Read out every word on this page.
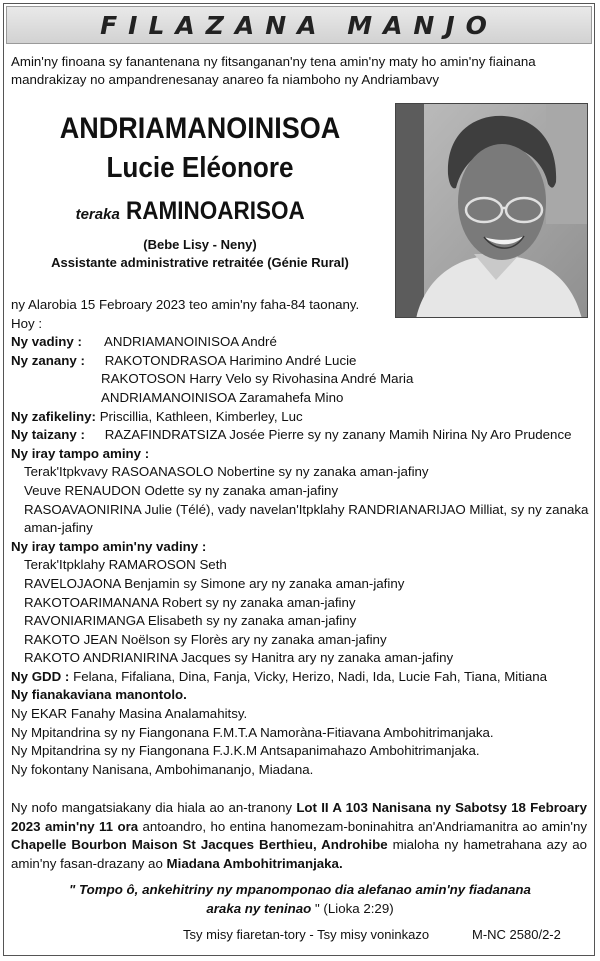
FILAZANA MANJO
Amin'ny finoana sy fanantenana ny fitsanganan'ny tena amin'ny maty ho amin'ny fiainana mandrakizay no ampandrenesanay anareo fa niamboho ny Andriambavy
ANDRIAMANOINISOA
Lucie Eléonore
teraka RAMINOARISOA
(Bebe Lisy - Neny)
Assistante administrative retraitée (Génie Rural)
ny Alarobia 15 Febroary 2023 teo amin'ny faha-84 taonany.
Hoy :
Ny vadiny : ANDRIAMANOINISOA André
Ny zanany : RAKOTONDRASOA Harimino André Lucie
RAKOTOSON Harry Velo sy Rivohasina André Maria
ANDRIAMANOINISOA Zaramahefa Mino
Ny zafikeliny: Priscillia, Kathleen, Kimberley, Luc
Ny taizany : RAZAFINDRATSIZA Josée Pierre sy ny zanany Mamih Nirina Ny Aro Prudence
Ny iray tampo aminy :
Terak'Itpkvavy RASOANASOLO Nobertine sy ny zanaka aman-jafiny
Veuve RENAUDON Odette sy ny zanaka aman-jafiny
RASOAVAONIRINA Julie (Télé), vady navelan'Itpklahy RANDRIANARIJAO Milliat, sy ny zanaka aman-jafiny
Ny iray tampo amin'ny vadiny :
Terak'Itpklahy RAMAROSON Seth
RAVELOJAONA Benjamin sy Simone ary ny zanaka aman-jafiny
RAKOTOARIMANANA Robert sy ny zanaka aman-jafiny
RAVONIARIMANGA Elisabeth sy ny zanaka aman-jafiny
RAKOTO JEAN Noëlson sy Florès ary ny zanaka aman-jafiny
RAKOTO ANDRIANIRINA Jacques sy Hanitra ary ny zanaka aman-jafiny
Ny GDD : Felana, Fifaliana, Dina, Fanja, Vicky, Herizo, Nadi, Ida, Lucie Fah, Tiana, Mitiana
Ny fianakaviana manontolo.
Ny EKAR Fanahy Masina Analamahitsy.
Ny Mpitandrina sy ny Fiangonana F.M.T.A Namoràna-Fitiavana Ambohitrimanjaka.
Ny Mpitandrina sy ny Fiangonana F.J.K.M Antsapanimahazo Ambohitrimanjaka.
Ny fokontany Nanisana, Ambohimananjo, Miadana.
Ny nofo mangatsiakany dia hiala ao an-tranony Lot II A 103 Nanisana ny Sabotsy 18 Febroary 2023 amin'ny 11 ora antoandro, ho entina hanomezam-boninahitra an'Andriamanitra ao amin'ny Chapelle Bourbon Maison St Jacques Berthieu, Androhibe mialoha ny hametrahana azy ao amin'ny fasan-drazany ao Miadana Ambohitrimanjaka.
" Tompo ô, ankehitriny ny mpanomponao dia alefanao amin'ny fiadanana
araka ny teninao " (Lioka 2:29)
Tsy misy fiaretan-tory - Tsy misy voninkazo	M-NC 2580/2-2
